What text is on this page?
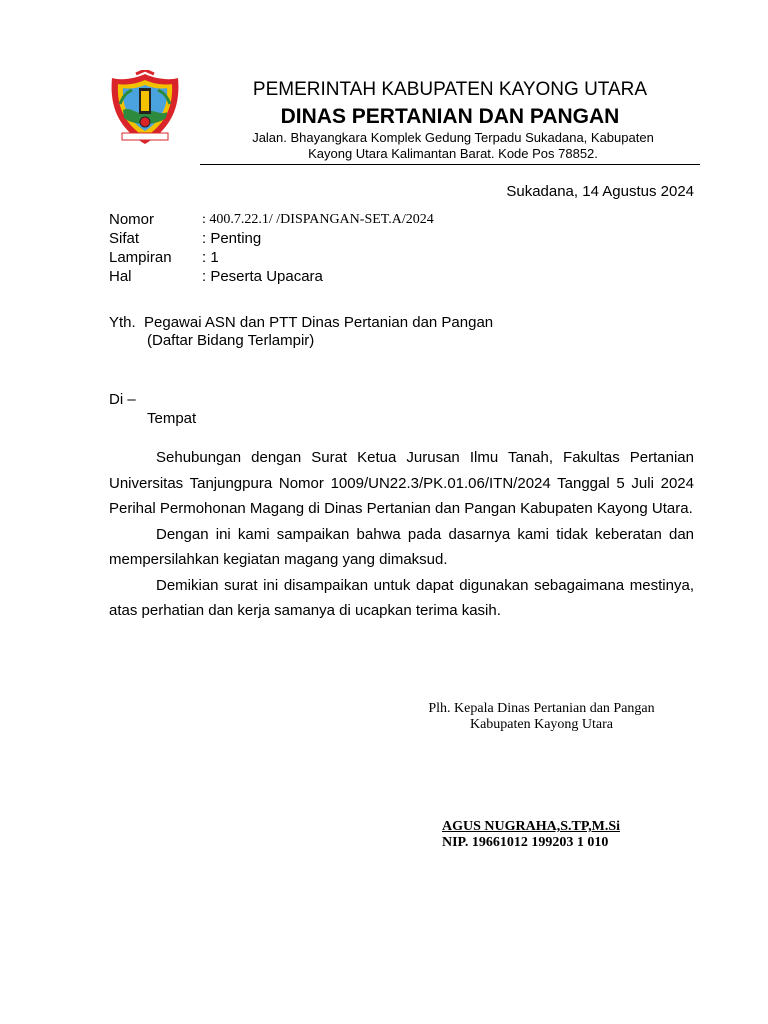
PEMERINTAH KABUPATEN KAYONG UTARA
DINAS PERTANIAN DAN PANGAN
Jalan. Bhayangkara Komplek Gedung Terpadu Sukadana, Kabupaten
Kayong Utara Kalimantan Barat. Kode Pos 78852.
Sukadana, 14 Agustus 2024
Nomor	: 400.7.22.1/ /DISPANGAN-SET.A/2024
Sifat	: Penting
Lampiran : 1
Hal	: Peserta Upacara
Yth.  Pegawai ASN dan PTT Dinas Pertanian dan Pangan
(Daftar Bidang Terlampir)
Di –
Tempat

Sehubungan dengan Surat Ketua Jurusan Ilmu Tanah, Fakultas Pertanian Universitas Tanjungpura Nomor 1009/UN22.3/PK.01.06/ITN/2024 Tanggal 5 Juli 2024 Perihal Permohonan Magang di Dinas Pertanian dan Pangan Kabupaten Kayong Utara.

Dengan ini kami sampaikan bahwa pada dasarnya kami tidak keberatan dan mempersilahkan kegiatan magang yang dimaksud.

Demikian surat ini disampaikan untuk dapat digunakan sebagaimana mestinya, atas perhatian dan kerja samanya di ucapkan terima kasih.

Plh. Kepala Dinas Pertanian dan Pangan
Kabupaten Kayong Utara
AGUS NUGRAHA,S.TP,M.Si
NIP. 19661012 199203 1 010
